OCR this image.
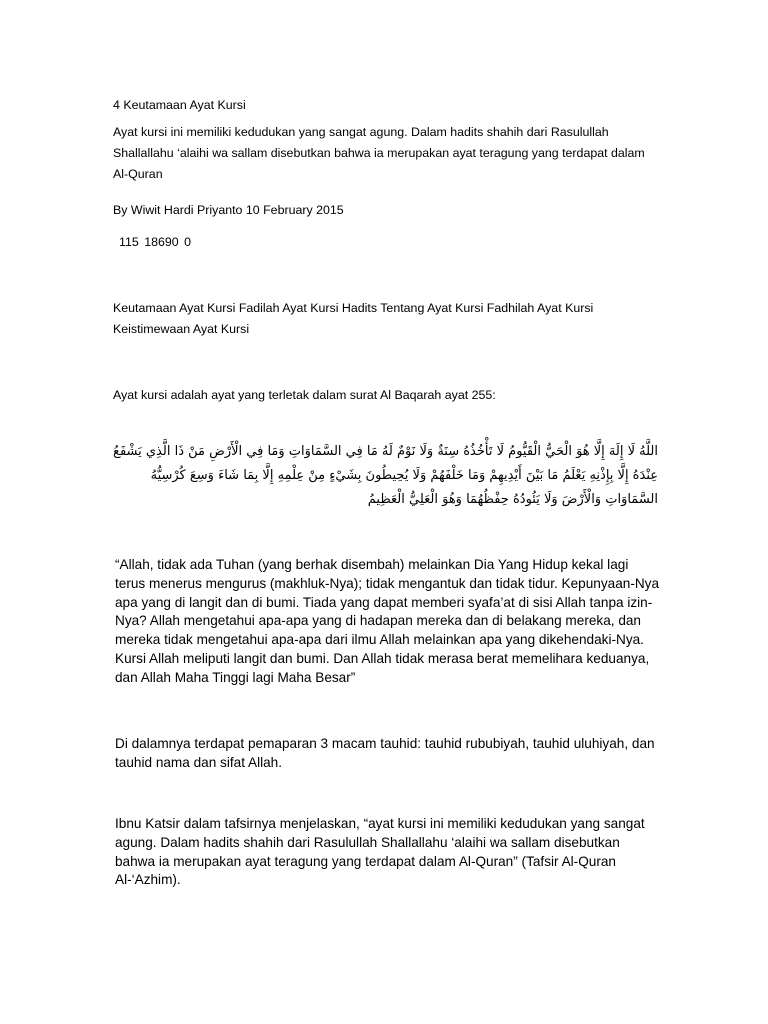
4 Keutamaan Ayat Kursi

Ayat kursi ini memiliki kedudukan yang sangat agung. Dalam hadits shahih dari Rasulullah Shallallahu ‘alaihi wa sallam disebutkan bahwa ia merupakan ayat teragung yang terdapat dalam Al-Quran

By Wiwit Hardi Priyanto 10 February 2015

115 18690 0

Keutamaan Ayat Kursi Fadilah Ayat Kursi Hadits Tentang Ayat Kursi Fadhilah Ayat Kursi Keistimewaan Ayat Kursi

Ayat kursi adalah ayat yang terletak dalam surat Al Baqarah ayat 255:

اللَّهُ لَا إِلَهَ إِلَّا هُوَ الْحَيُّ الْقَيُّومُ لَا تَأْخُذُهُ سِنَةٌ وَلَا نَوْمٌ لَهُ مَا فِي السَّمَاوَاتِ وَمَا فِي الْأَرْضِ مَنْ ذَا الَّذِي يَشْفَعُ عِنْدَهُ إِلَّا بِإِذْنِهِ يَعْلَمُ مَا بَيْنَ أَيْدِيهِمْ وَمَا خَلْفَهُمْ وَلَا يُحِيطُونَ بِشَيْءٍ مِنْ عِلْمِهِ إِلَّا بِمَا شَاءَ وَسِعَ كُرْسِيُّهُ السَّمَاوَاتِ وَالْأَرْضَ وَلَا يَئُودُهُ حِفْظُهُمَا وَهُوَ الْعَلِيُّ الْعَظِيمُ

“Allah, tidak ada Tuhan (yang berhak disembah) melainkan Dia Yang Hidup kekal lagi terus menerus mengurus (makhluk-Nya); tidak mengantuk dan tidak tidur. Kepunyaan-Nya apa yang di langit dan di bumi. Tiada yang dapat memberi syafa’at di sisi Allah tanpa izin-Nya? Allah mengetahui apa-apa yang di hadapan mereka dan di belakang mereka, dan mereka tidak mengetahui apa-apa dari ilmu Allah melainkan apa yang dikehendaki-Nya. Kursi Allah meliputi langit dan bumi. Dan Allah tidak merasa berat memelihara keduanya, dan Allah Maha Tinggi lagi Maha Besar”

Di dalamnya terdapat pemaparan 3 macam tauhid: tauhid rububiyah, tauhid uluhiyah, dan tauhid nama dan sifat Allah.

Ibnu Katsir dalam tafsirnya menjelaskan, “ayat kursi ini memiliki kedudukan yang sangat agung. Dalam hadits shahih dari Rasulullah Shallallahu ‘alaihi wa sallam disebutkan bahwa ia merupakan ayat teragung yang terdapat dalam Al-Quran” (Tafsir Al-Quran Al-‘Azhim).
